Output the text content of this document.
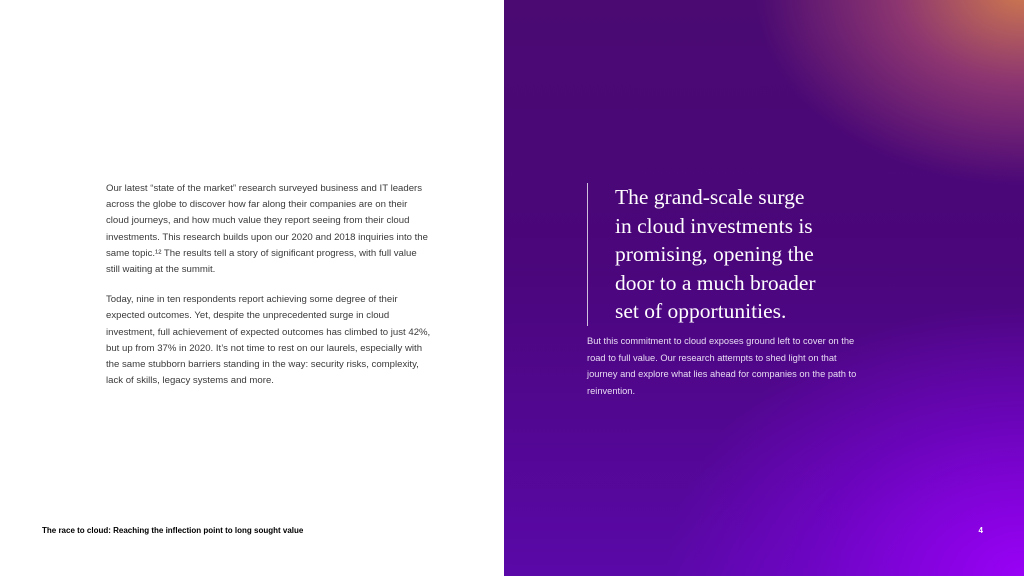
Our latest “state of the market” research surveyed business and IT leaders across the globe to discover how far along their companies are on their cloud journeys, and how much value they report seeing from their cloud investments. This research builds upon our 2020 and 2018 inquiries into the same topic.¹² The results tell a story of significant progress, with full value still waiting at the summit.

Today, nine in ten respondents report achieving some degree of their expected outcomes. Yet, despite the unprecedented surge in cloud investment, full achievement of expected outcomes has climbed to just 42%, but up from 37% in 2020. It’s not time to rest on our laurels, especially with the same stubborn barriers standing in the way: security risks, complexity, lack of skills, legacy systems and more.

The race to cloud: Reaching the inflection point to long sought value
The grand-scale surge
in cloud investments is
promising, opening the
door to a much broader
set of opportunities.
But this commitment to cloud exposes ground left to cover on the road to full value. Our research attempts to shed light on that journey and explore what lies ahead for companies on the path to reinvention.
4
